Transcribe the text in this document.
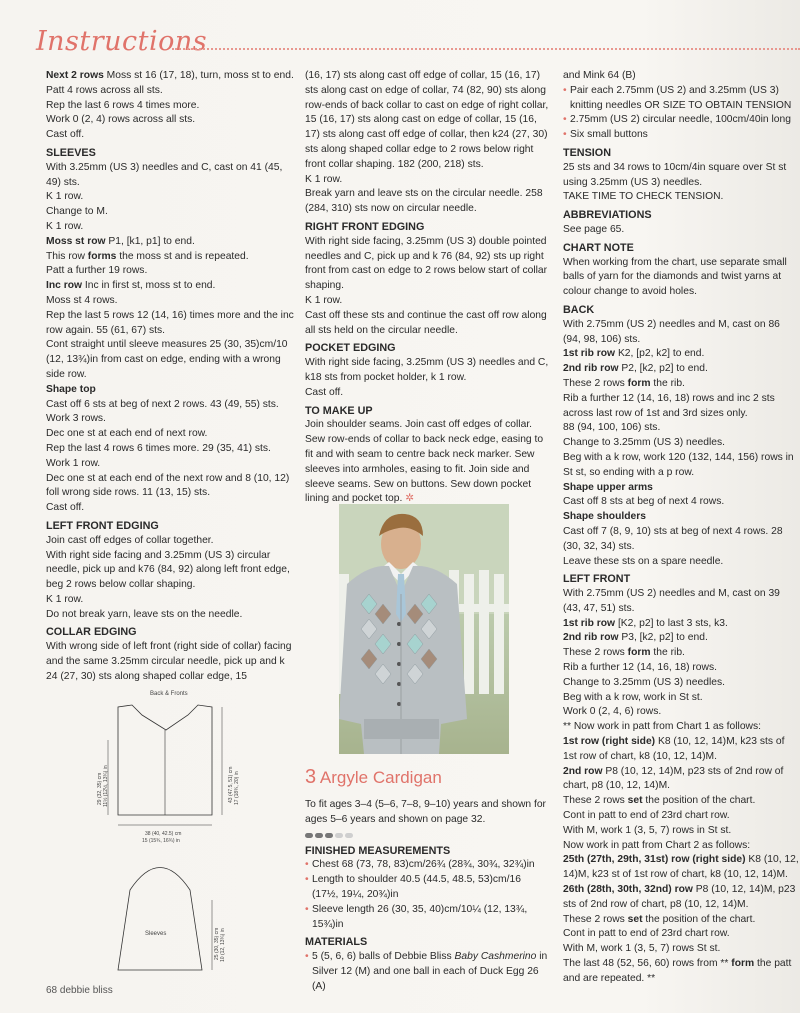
Instructions

Next 2 rows Moss st 16 (17, 18), turn, moss st to end.

Patt 4 rows across all sts.

Rep the last 6 rows 4 times more.

Work 0 (2, 4) rows across all sts.

Cast off.

SLEEVES

With 3.25mm (US 3) needles and C, cast on 41 (45, 49) sts.

K 1 row.

Change to M.

K 1 row.

Moss st row P1, [k1, p1] to end.

This row forms the moss st and is repeated.

Patt a further 19 rows.

Inc row Inc in first st, moss st to end.

Moss st 4 rows.

Rep the last 5 rows 12 (14, 16) times more and the inc row again. 55 (61, 67) sts.

Cont straight until sleeve measures 25 (30, 35)cm/10 (12, 13¾)in from cast on edge, ending with a wrong side row.

Shape top

Cast off 6 sts at beg of next 2 rows. 43 (49, 55) sts.

Work 3 rows.

Dec one st at each end of next row.

Rep the last 4 rows 6 times more. 29 (35, 41) sts.

Work 1 row.

Dec one st at each end of the next row and 8 (10, 12) foll wrong side rows. 11 (13, 15) sts.

Cast off.

LEFT FRONT EDGING

Join cast off edges of collar together.

With right side facing and 3.25mm (US 3) circular needle, pick up and k76 (84, 92) along left front edge, beg 2 rows below collar shaping.

K 1 row.

Do not break yarn, leave sts on the needle.

COLLAR EDGING

With wrong side of left front (right side of collar) facing and the same 3.25mm circular needle, pick up and k 24 (27, 30) sts along shaped collar edge, 15

(16, 17) sts along cast off edge of collar, 15 (16, 17) sts along cast on edge of collar, 74 (82, 90) sts along row-ends of back collar to cast on edge of right collar, 15 (16, 17) sts along cast on edge of collar, 15 (16, 17) sts along cast off edge of collar, then k24 (27, 30) sts along shaped collar edge to 2 rows below right front collar shaping. 182 (200, 218) sts.

K 1 row.

Break yarn and leave sts on the circular needle. 258 (284, 310) sts now on circular needle.

RIGHT FRONT EDGING

With right side facing, 3.25mm (US 3) double pointed needles and C, pick up and k 76 (84, 92) sts up right front from cast on edge to 2 rows below start of collar shaping.

K 1 row.

Cast off these sts and continue the cast off row along all sts held on the circular needle.

POCKET EDGING

With right side facing, 3.25mm (US 3) needles and C, k18 sts from pocket holder, k 1 row.

Cast off.

TO MAKE UP

Join shoulder seams. Join cast off edges of collar. Sew row-ends of collar to back neck edge, easing to fit and with seam to centre back neck marker. Sew sleeves into armholes, easing to fit. Join side and sleeve seams. Sew on buttons. Sew down pocket lining and pocket top. ✲

and Mink 64 (B)

• Pair each 2.75mm (US 2) and 3.25mm (US 3) knitting needles OR SIZE TO OBTAIN TENSION
• 2.75mm (US 2) circular needle, 100cm/40in long
• Six small buttons

TENSION

25 sts and 34 rows to 10cm/4in square over St st using 3.25mm (US 3) needles.

TAKE TIME TO CHECK TENSION.

ABBREVIATIONS

See page 65.

CHART NOTE

When working from the chart, use separate small balls of yarn for the diamonds and twist yarns at colour change to avoid holes.

BACK

With 2.75mm (US 2) needles and M, cast on 86 (94, 98, 106) sts.

1st rib row K2, [p2, k2] to end.

2nd rib row P2, [k2, p2] to end.

These 2 rows form the rib.

Rib a further 12 (14, 16, 18) rows and inc 2 sts across last row of 1st and 3rd sizes only.

88 (94, 100, 106) sts.

Change to 3.25mm (US 3) needles.

Beg with a k row, work 120 (132, 144, 156) rows in St st, so ending with a p row.

Shape upper arms

Cast off 8 sts at beg of next 4 rows.

Shape shoulders

Cast off 7 (8, 9, 10) sts at beg of next 4 rows. 28 (30, 32, 34) sts.

Leave these sts on a spare needle.

LEFT FRONT

With 2.75mm (US 2) needles and M, cast on 39 (43, 47, 51) sts.

1st rib row [K2, p2] to last 3 sts, k3.

2nd rib row P3, [k2, p2] to end.

These 2 rows form the rib.

Rib a further 12 (14, 16, 18) rows.

Change to 3.25mm (US 3) needles.

Beg with a k row, work in St st.

Work 0 (2, 4, 6) rows.

** Now work in patt from Chart 1 as follows:

1st row (right side) K8 (10, 12, 14)M, k23 sts of 1st row of chart, k8 (10, 12, 14)M.

2nd row P8 (10, 12, 14)M, p23 sts of 2nd row of chart, p8 (10, 12, 14)M.

These 2 rows set the position of the chart.

Cont in patt to end of 23rd chart row.

With M, work 1 (3, 5, 7) rows in St st.

Now work in patt from Chart 2 as follows:

25th (27th, 29th, 31st) row (right side) K8 (10, 12, 14)M, k23 st of 1st row of chart, k8 (10, 12, 14)M.

26th (28th, 30th, 32nd) row P8 (10, 12, 14)M, p23 sts of 2nd row of chart, p8 (10, 12, 14)M.

These 2 rows set the position of the chart.

Cont in patt to end of 23rd chart row.

With M, work 1 (3, 5, 7) rows St st.

The last 48 (52, 56, 60) rows from ** form the patt and are repeated. **

Back & Fronts
38 (40, 42.5) cm
15 (15¾, 16¾) in
29 (32, 35) cm 11½ (12½, 13¾) in	43 (47.5, 51) cm 17 (18¾, 20) in
Sleeves	25 (30, 35) cm 10 (12, 13¾) in
3 Argyle Cardigan

To fit ages 3–4 (5–6, 7–8, 9–10) years and shown for ages 5–6 years and shown on page 32.

FINISHED MEASUREMENTS

• Chest 68 (73, 78, 83)cm/26¾ (28¾, 30¾, 32¾)in
• Length to shoulder 40.5 (44.5, 48.5, 53)cm/16 (17½, 19¼, 20¾)in
• Sleeve length 26 (30, 35, 40)cm/10¼ (12, 13¾, 15¾)in

MATERIALS

• 5 (5, 6, 6) balls of Debbie Bliss Baby Cashmerino in Silver 12 (M) and one ball in each of Duck Egg 26 (A)
68 debbie bliss
